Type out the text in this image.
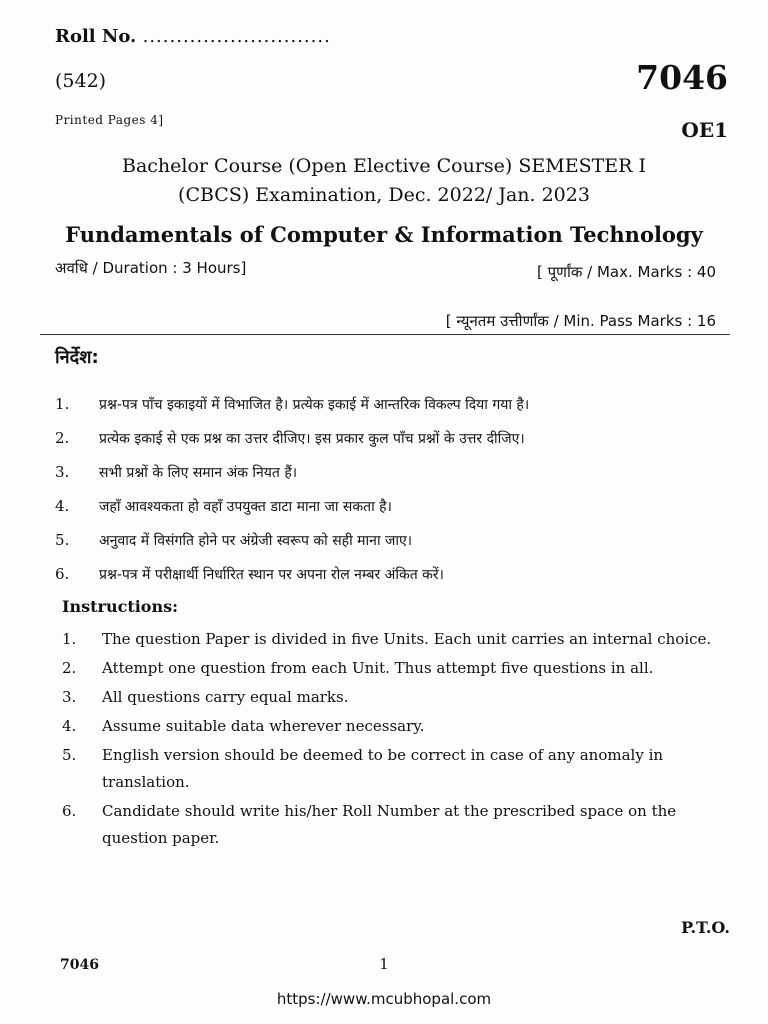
Roll No. ............................
(542)	7046
Printed Pages 4]	OE1
Bachelor Course (Open Elective Course) SEMESTER I
(CBCS) Examination, Dec. 2022/ Jan. 2023
Fundamentals of Computer & Information Technology
अवधि / Duration : 3 Hours]	[ पूर्णांक / Max. Marks : 40
[ न्यूनतम उत्तीर्णांक / Min. Pass Marks : 16
निर्देश:
1.	प्रश्न-पत्र पाँच इकाइयों में विभाजित है। प्रत्येक इकाई में आन्तरिक विकल्प दिया गया है।
2.	प्रत्येक इकाई से एक प्रश्न का उत्तर दीजिए। इस प्रकार कुल पाँच प्रश्नों के उत्तर दीजिए।
3.	सभी प्रश्नों के लिए समान अंक नियत हैं।
4.	जहाँ आवश्यकता हो वहाँ उपयुक्त डाटा माना जा सकता है।
5.	अनुवाद में विसंगति होने पर अंग्रेजी स्वरूप को सही माना जाए।
6.	प्रश्न-पत्र में परीक्षार्थी निर्धारित स्थान पर अपना रोल नम्बर अंकित करें।
Instructions:
1.	The question Paper is divided in five Units. Each unit carries an internal choice.
2.	Attempt one question from each Unit. Thus attempt five questions in all.
3.	All questions carry equal marks.
4.	Assume suitable data wherever necessary.
5.	English version should be deemed to be correct in case of any anomaly in translation.
6.	Candidate should write his/her Roll Number at the prescribed space on the question paper.
P.T.O.
7046	1
https://www.mcubhopal.com
